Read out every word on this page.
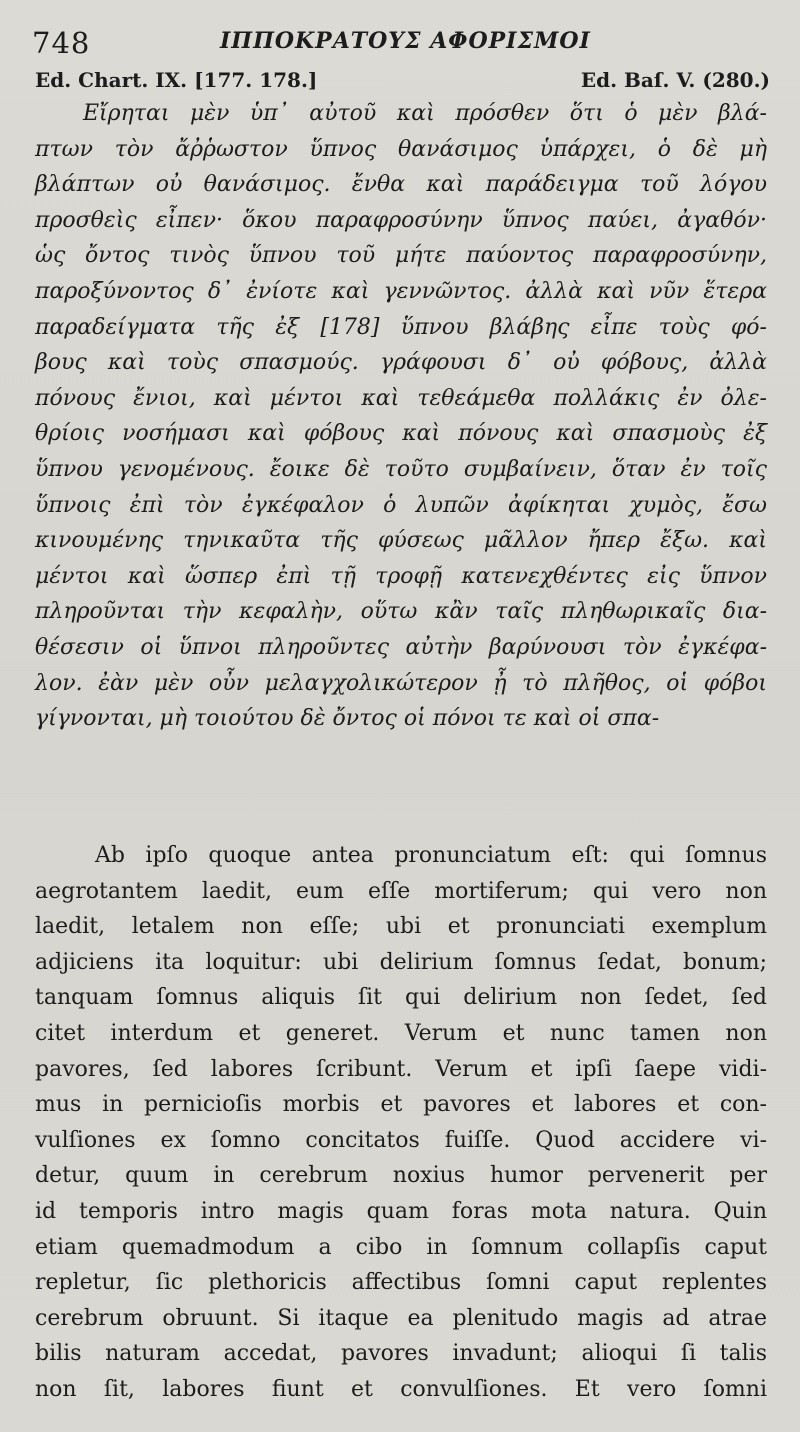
748	ΙΠΠΟΚΡΑΤΟΥΣ ΑΦΟΡΙΣΜΟΙ
Ed. Chart. IX. [177. 178.]	Ed. Baſ. V. (280.)
Εἴρηται μὲν ὑπ᾿ αὐτοῦ καὶ πρόσθεν ὅτι ὁ μὲν βλά-
πτων τὸν ἄῤῥωστον ὕπνος θανάσιμος ὑπάρχει, ὁ δὲ μὴ
βλάπτων οὐ θανάσιμος. ἔνθα καὶ παράδειγμα τοῦ λόγου
προσθεὶς εἶπεν· ὅκου παραφροσύνην ὕπνος παύει, ἀγαθόν·
ὡς ὄντος τινὸς ὕπνου τοῦ μήτε παύοντος παραφροσύνην,
παροξύνοντος δ᾿ ἐνίοτε καὶ γεννῶντος. ἀλλὰ καὶ νῦν ἕτερα
παραδείγματα τῆς ἐξ [178] ὕπνου βλάβης εἶπε τοὺς φό-
βους καὶ τοὺς σπασμούς. γράφουσι δ᾿ οὐ φόβους, ἀλλὰ
πόνους ἔνιοι, καὶ μέντοι καὶ τεθεάμεθα πολλάκις ἐν ὀλε-
θρίοις νοσήμασι καὶ φόβους καὶ πόνους καὶ σπασμοὺς ἐξ
ὕπνου γενομένους. ἔοικε δὲ τοῦτο συμβαίνειν, ὅταν ἐν τοῖς
ὕπνοις ἐπὶ τὸν ἐγκέφαλον ὁ λυπῶν ἀφίκηται χυμὸς, ἔσω
κινουμένης τηνικαῦτα τῆς φύσεως μᾶλλον ἤπερ ἔξω. καὶ
μέντοι καὶ ὥσπερ ἐπὶ τῇ τροφῇ κατενεχθέντες εἰς ὕπνον
πληροῦνται τὴν κεφαλὴν, οὕτω κἂν ταῖς πληθωρικαῖς δια-
θέσεσιν οἱ ὕπνοι πληροῦντες αὐτὴν βαρύνουσι τὸν ἐγκέφα-
λον. ἐὰν μὲν οὖν μελαγχολικώτερον ᾖ τὸ πλῆθος, οἱ φόβοι
γίγνονται, μὴ τοιούτου δὲ ὄντος οἱ πόνοι τε καὶ οἱ σπα-
Ab ipſo quoque antea pronunciatum eſt: qui ſomnus
aegrotantem laedit, eum eſſe mortiferum; qui vero non
laedit, letalem non eſſe; ubi et pronunciati exemplum
adjiciens ita loquitur: ubi delirium ſomnus ſedat, bonum;
tanquam ſomnus aliquis ſit qui delirium non ſedet, ſed
citet interdum et generet. Verum et nunc tamen non
pavores, ſed labores ſcribunt. Verum et ipſi ſaepe vidi-
mus in pernicioſis morbis et pavores et labores et con-
vulſiones ex ſomno concitatos fuiſſe. Quod accidere vi-
detur, quum in cerebrum noxius humor pervenerit per
id temporis intro magis quam foras mota natura. Quin
etiam quemadmodum a cibo in ſomnum collapſis caput
repletur, ſic plethoricis affectibus ſomni caput replentes
cerebrum obruunt. Si itaque ea plenitudo magis ad atrae
bilis naturam accedat, pavores invadunt; alioqui ſi talis
non ſit, labores fiunt et convulſiones. Et vero ſomni
